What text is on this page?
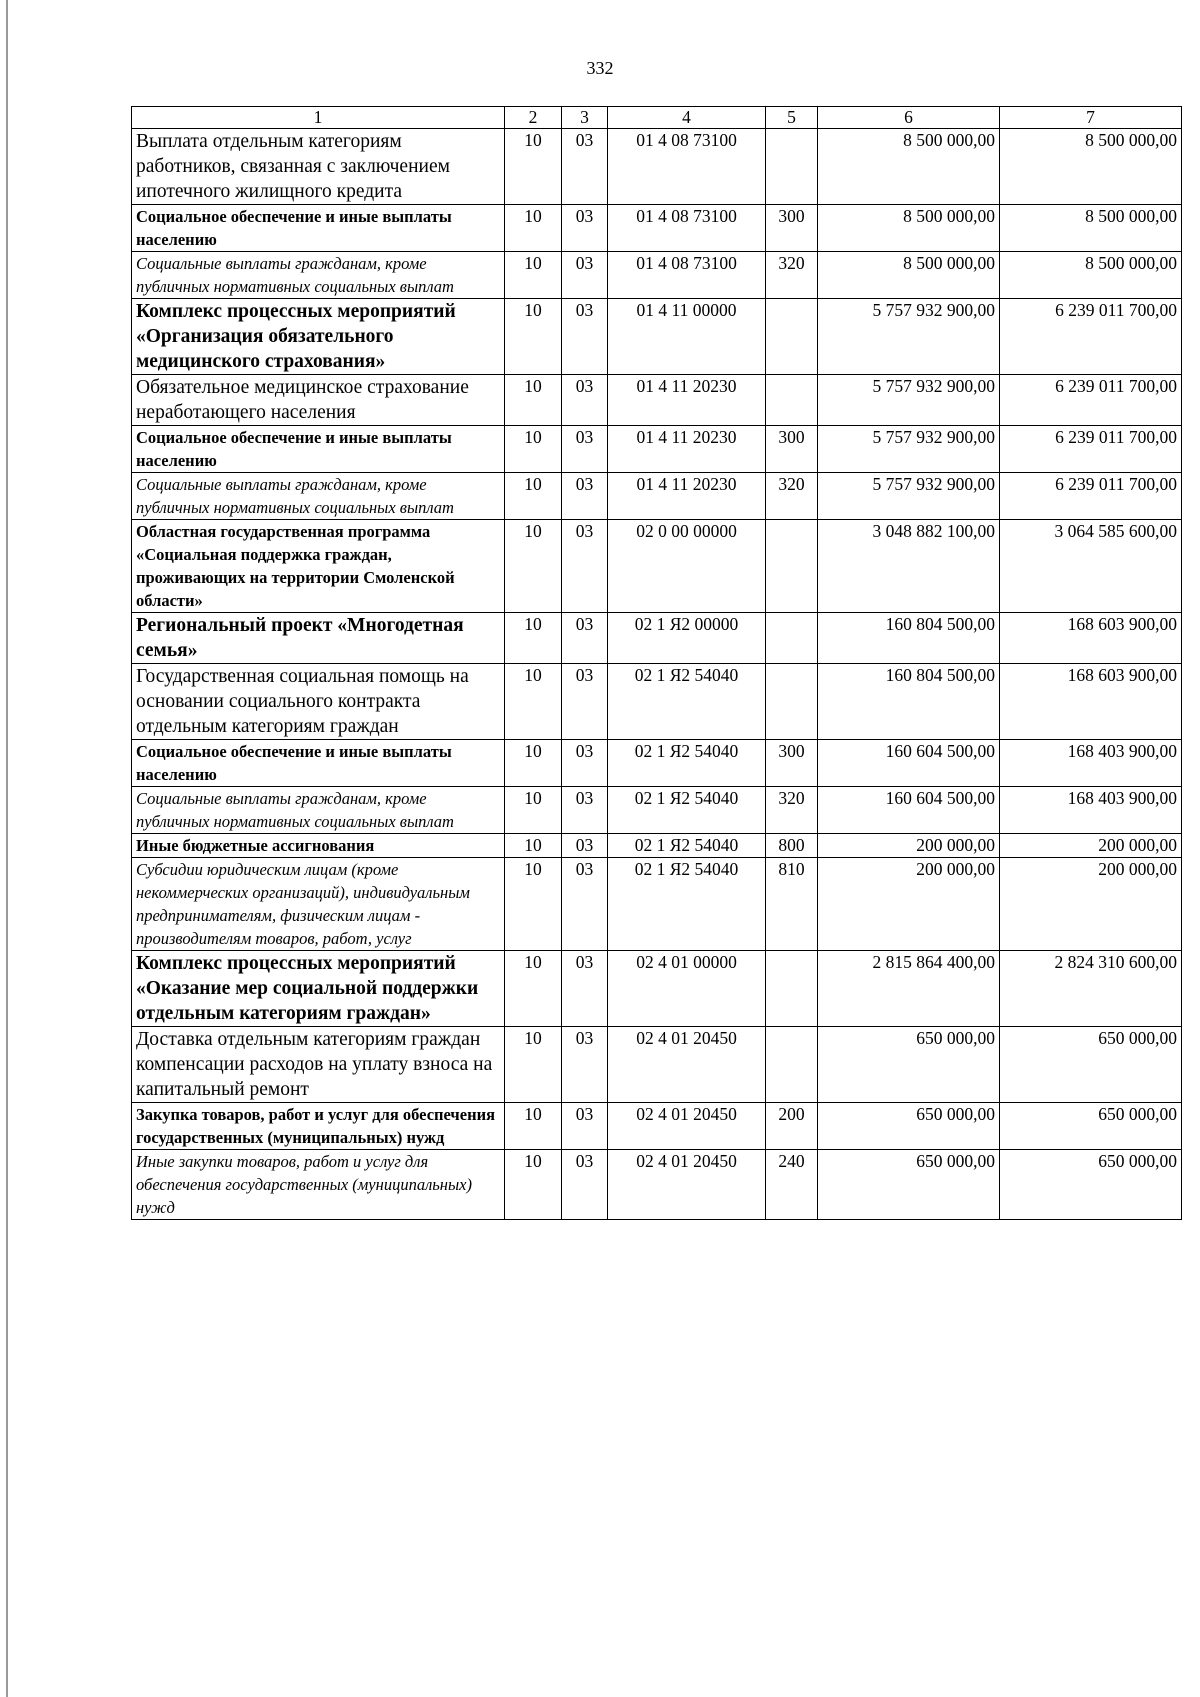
332
1	2	3	4	5	6	7
Выплата отдельным категориям работников, связанная с заключением ипотечного жилищного кредита	10	03	01 4 08 73100		8 500 000,00	8 500 000,00
Социальное обеспечение и иные выплаты населению	10	03	01 4 08 73100	300	8 500 000,00	8 500 000,00
Социальные выплаты гражданам, кроме публичных нормативных социальных выплат	10	03	01 4 08 73100	320	8 500 000,00	8 500 000,00
Комплекс процессных мероприятий «Организация обязательного медицинского страхования»	10	03	01 4 11 00000		5 757 932 900,00	6 239 011 700,00
Обязательное медицинское страхование неработающего населения	10	03	01 4 11 20230		5 757 932 900,00	6 239 011 700,00
Социальное обеспечение и иные выплаты населению	10	03	01 4 11 20230	300	5 757 932 900,00	6 239 011 700,00
Социальные выплаты гражданам, кроме публичных нормативных социальных выплат	10	03	01 4 11 20230	320	5 757 932 900,00	6 239 011 700,00
Областная государственная программа «Социальная поддержка граждан, проживающих на территории Смоленской области»	10	03	02 0 00 00000		3 048 882 100,00	3 064 585 600,00
Региональный проект «Многодетная семья»	10	03	02 1 Я2 00000		160 804 500,00	168 603 900,00
Государственная социальная помощь на основании социального контракта отдельным категориям граждан	10	03	02 1 Я2 54040		160 804 500,00	168 603 900,00
Социальное обеспечение и иные выплаты населению	10	03	02 1 Я2 54040	300	160 604 500,00	168 403 900,00
Социальные выплаты гражданам, кроме публичных нормативных социальных выплат	10	03	02 1 Я2 54040	320	160 604 500,00	168 403 900,00
Иные бюджетные ассигнования	10	03	02 1 Я2 54040	800	200 000,00	200 000,00
Субсидии юридическим лицам (кроме некоммерческих организаций), индивидуальным предпринимателям, физическим лицам - производителям товаров, работ, услуг	10	03	02 1 Я2 54040	810	200 000,00	200 000,00
Комплекс процессных мероприятий «Оказание мер социальной поддержки отдельным категориям граждан»	10	03	02 4 01 00000		2 815 864 400,00	2 824 310 600,00
Доставка отдельным категориям граждан компенсации расходов на уплату взноса на капитальный ремонт	10	03	02 4 01 20450		650 000,00	650 000,00
Закупка товаров, работ и услуг для обеспечения государственных (муниципальных) нужд	10	03	02 4 01 20450	200	650 000,00	650 000,00
Иные закупки товаров, работ и услуг для обеспечения государственных (муниципальных) нужд	10	03	02 4 01 20450	240	650 000,00	650 000,00
